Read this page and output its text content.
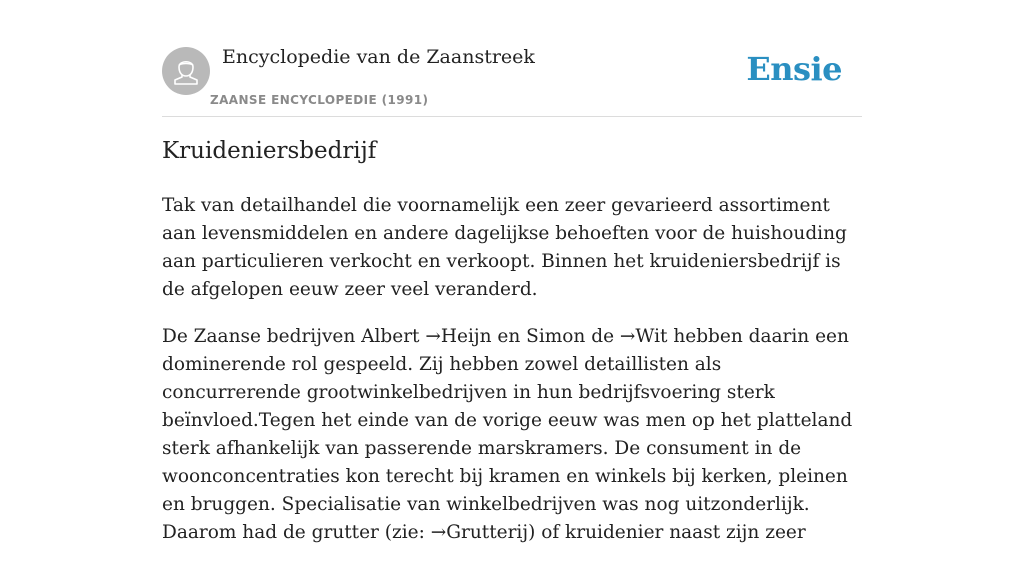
Encyclopedie van de Zaanstreek
ZAANSE ENCYCLOPEDIE (1991)
Ensie
Kruideniersbedrijf

Tak van detailhandel die voornamelijk een zeer gevarieerd assortiment aan levensmiddelen en andere dagelijkse behoeften voor de huishouding aan particulieren verkocht en verkoopt. Binnen het kruideniersbedrijf is de afgelopen eeuw zeer veel veranderd.

De Zaanse bedrijven Albert →Heijn en Simon de →Wit hebben daarin een dominerende rol gespeeld. Zij hebben zowel detaillisten als concurrerende grootwinkelbedrijven in hun bedrijfsvoering sterk beïnvloed.Tegen het einde van de vorige eeuw was men op het platteland sterk afhankelijk van passerende marskramers. De consument in de woonconcentraties kon terecht bij kramen en winkels bij kerken, pleinen en bruggen. Specialisatie van winkelbedrijven was nog uitzonderlijk. Daarom had de grutter (zie: →Grutterij) of kruidenier naast zijn zeer
